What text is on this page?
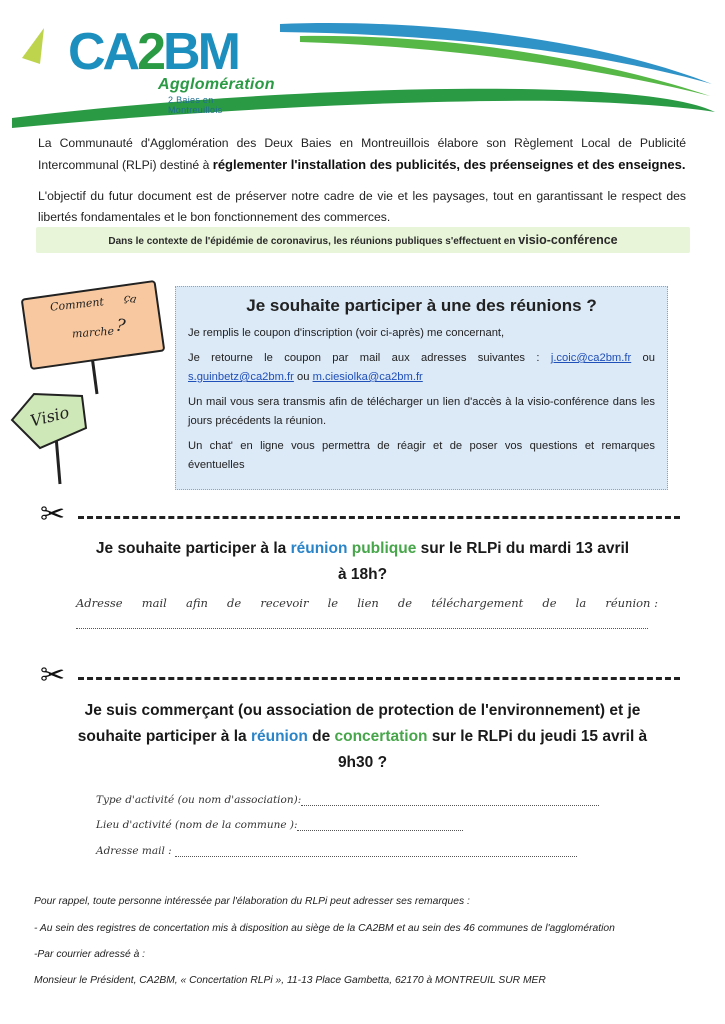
CA2BM
Agglomération
2 Baies en Montreuillois

La Communauté d'Agglomération des Deux Baies en Montreuillois élabore son Règlement Local de Publicité Intercommunal (RLPi) destiné à réglementer l'installation des publicités, des préenseignes et des enseignes.

L'objectif du futur document est de préserver notre cadre de vie et les paysages, tout en garantissant le respect des libertés fondamentales et le bon fonctionnement des commerces.

Dans le contexte de l'épidémie de coronavirus, les réunions publiques s'effectuent en visio-conférence
Comment ça
marche ?
Visio
Je souhaite participer à une des réunions ?

Je remplis le coupon d'inscription (voir ci-après) me concernant,

Je retourne le coupon par mail aux adresses suivantes : j.coic@ca2bm.fr ou s.guinbetz@ca2bm.fr ou m.ciesiolka@ca2bm.fr

Un mail vous sera transmis afin de télécharger un lien d'accès à la visio-conférence dans les jours précédents la réunion.

Un chat' en ligne vous permettra de réagir et de poser vos questions et remarques éventuelles

✂
Je souhaite participer à la réunion publique sur le RLPi du mardi 13 avril
à 18h?
Adresse mail afin de recevoir le lien de téléchargement de la réunion :
✂
Je suis commerçant (ou association de protection de l'environnement) et je
souhaite participer à la réunion de concertation sur le RLPi du jeudi 15 avril à
9h30 ?
Type d'activité (ou nom d'association):
Lieu d'activité (nom de la commune ):
Adresse mail :

Pour rappel, toute personne intéressée par l'élaboration du RLPi peut adresser ses remarques :

- Au sein des registres de concertation mis à disposition au siège de la CA2BM et au sein des 46 communes de l'agglomération

-Par courrier adressé à :

Monsieur le Président, CA2BM, « Concertation RLPi », 11-13 Place Gambetta, 62170 à MONTREUIL SUR MER
